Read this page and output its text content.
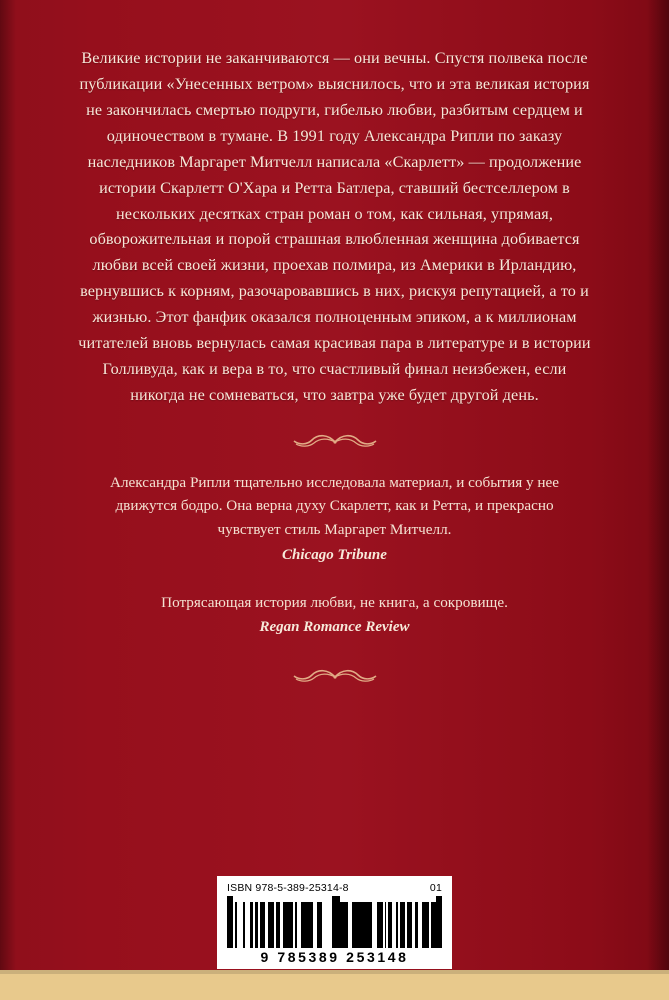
Великие истории не заканчиваются — они вечны. Спустя полвека после публикации «Унесенных ветром» выяснилось, что и эта великая история не закончилась смертью подруги, гибелью любви, разбитым сердцем и одиночеством в тумане. В 1991 году Александра Рипли по заказу наследников Маргарет Митчелл написала «Скарлетт» — продолжение истории Скарлетт О'Хара и Ретта Батлера, ставший бестселлером в нескольких десятках стран роман о том, как сильная, упрямая, обворожительная и порой страшная влюбленная женщина добивается любви всей своей жизни, проехав полмира, из Америки в Ирландию, вернувшись к корням, разочаровавшись в них, рискуя репутацией, а то и жизнью. Этот фанфик оказался полноценным эпиком, а к миллионам читателей вновь вернулась самая красивая пара в литературе и в истории Голливуда, как и вера в то, что счастливый финал неизбежен, если никогда не сомневаться, что завтра уже будет другой день.

Александра Рипли тщательно исследовала материал, и события у нее движутся бодро. Она верна духу Скарлетт, как и Ретта, и прекрасно чувствует стиль Маргарет Митчелл.

Chicago Tribune

Потрясающая история любви, не книга, а сокровище.

Regan Romance Review
ISBN 978-5-389-25314-8	01
9 785389 253148
